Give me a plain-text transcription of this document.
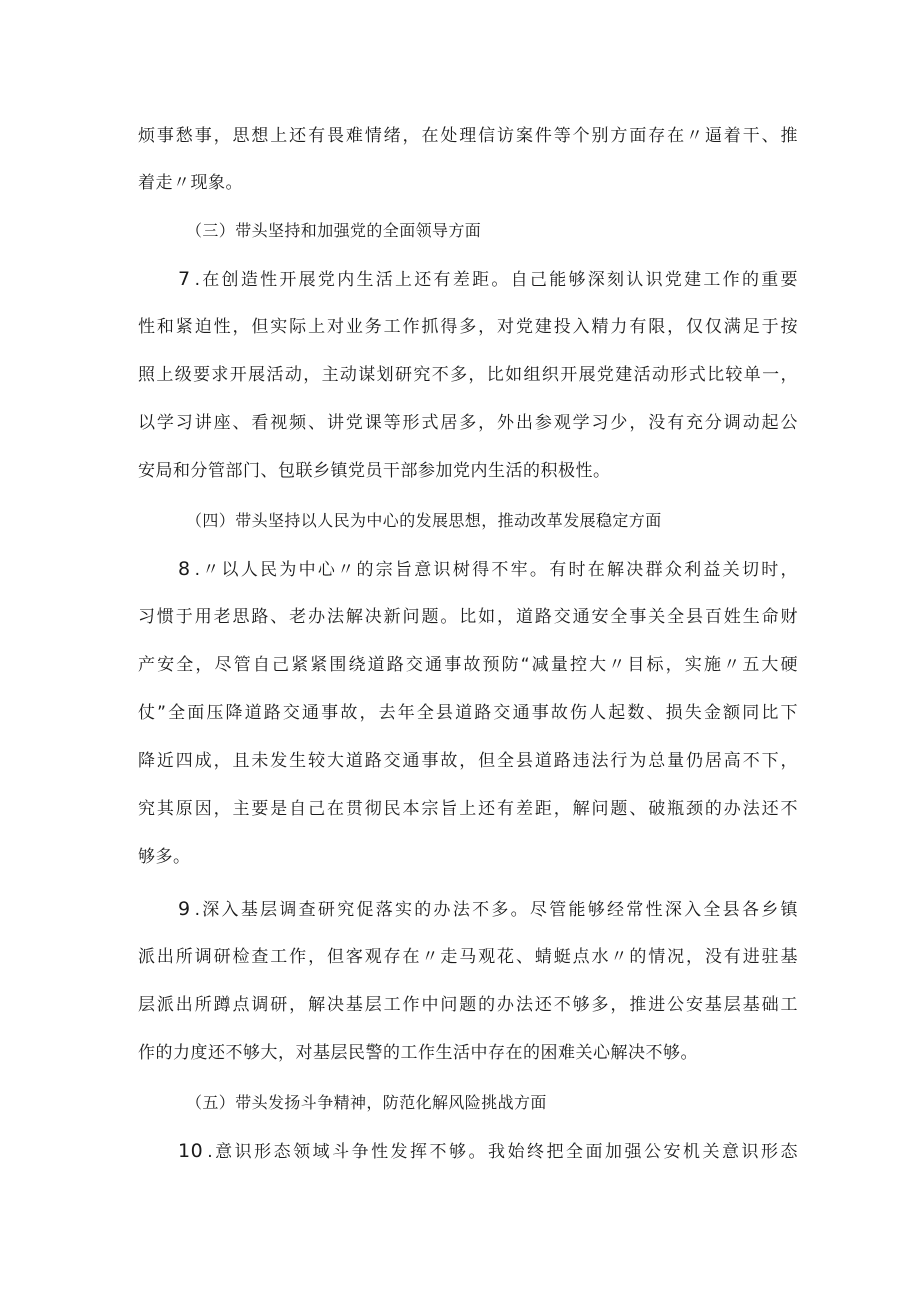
烦事愁事，思想上还有畏难情绪，在处理信访案件等个别方面存在〃逼着干、推
着走〃现象。
（三）带头坚持和加强党的全面领导方面
7 .在创造性开展党内生活上还有差距。自己能够深刻认识党建工作的重要
性和紧迫性，但实际上对业务工作抓得多，对党建投入精力有限，仅仅满足于按
照上级要求开展活动，主动谋划研究不多，比如组织开展党建活动形式比较单一，
以学习讲座、看视频、讲党课等形式居多，外出参观学习少，没有充分调动起公
安局和分管部门、包联乡镇党员干部参加党内生活的积极性。
（四）带头坚持以人民为中心的发展思想，推动改革发展稳定方面
8 .〃以人民为中心〃的宗旨意识树得不牢。有时在解决群众利益关切时，
习惯于用老思路、老办法解决新问题。比如，道路交通安全事关全县百姓生命财
产安全，尽管自己紧紧围绕道路交通事故预防“减量控大〃目标，实施〃五大硬
仗”全面压降道路交通事故，去年全县道路交通事故伤人起数、损失金额同比下
降近四成，且未发生较大道路交通事故，但全县道路违法行为总量仍居高不下，
究其原因，主要是自己在贯彻民本宗旨上还有差距，解问题、破瓶颈的办法还不
够多。
9 .深入基层调查研究促落实的办法不多。尽管能够经常性深入全县各乡镇
派出所调研检查工作，但客观存在〃走马观花、蜻蜓点水〃的情况，没有进驻基
层派出所蹲点调研，解决基层工作中问题的办法还不够多，推进公安基层基础工
作的力度还不够大，对基层民警的工作生活中存在的困难关心解决不够。
（五）带头发扬斗争精神，防范化解风险挑战方面
10 .意识形态领域斗争性发挥不够。我始终把全面加强公安机关意识形态
